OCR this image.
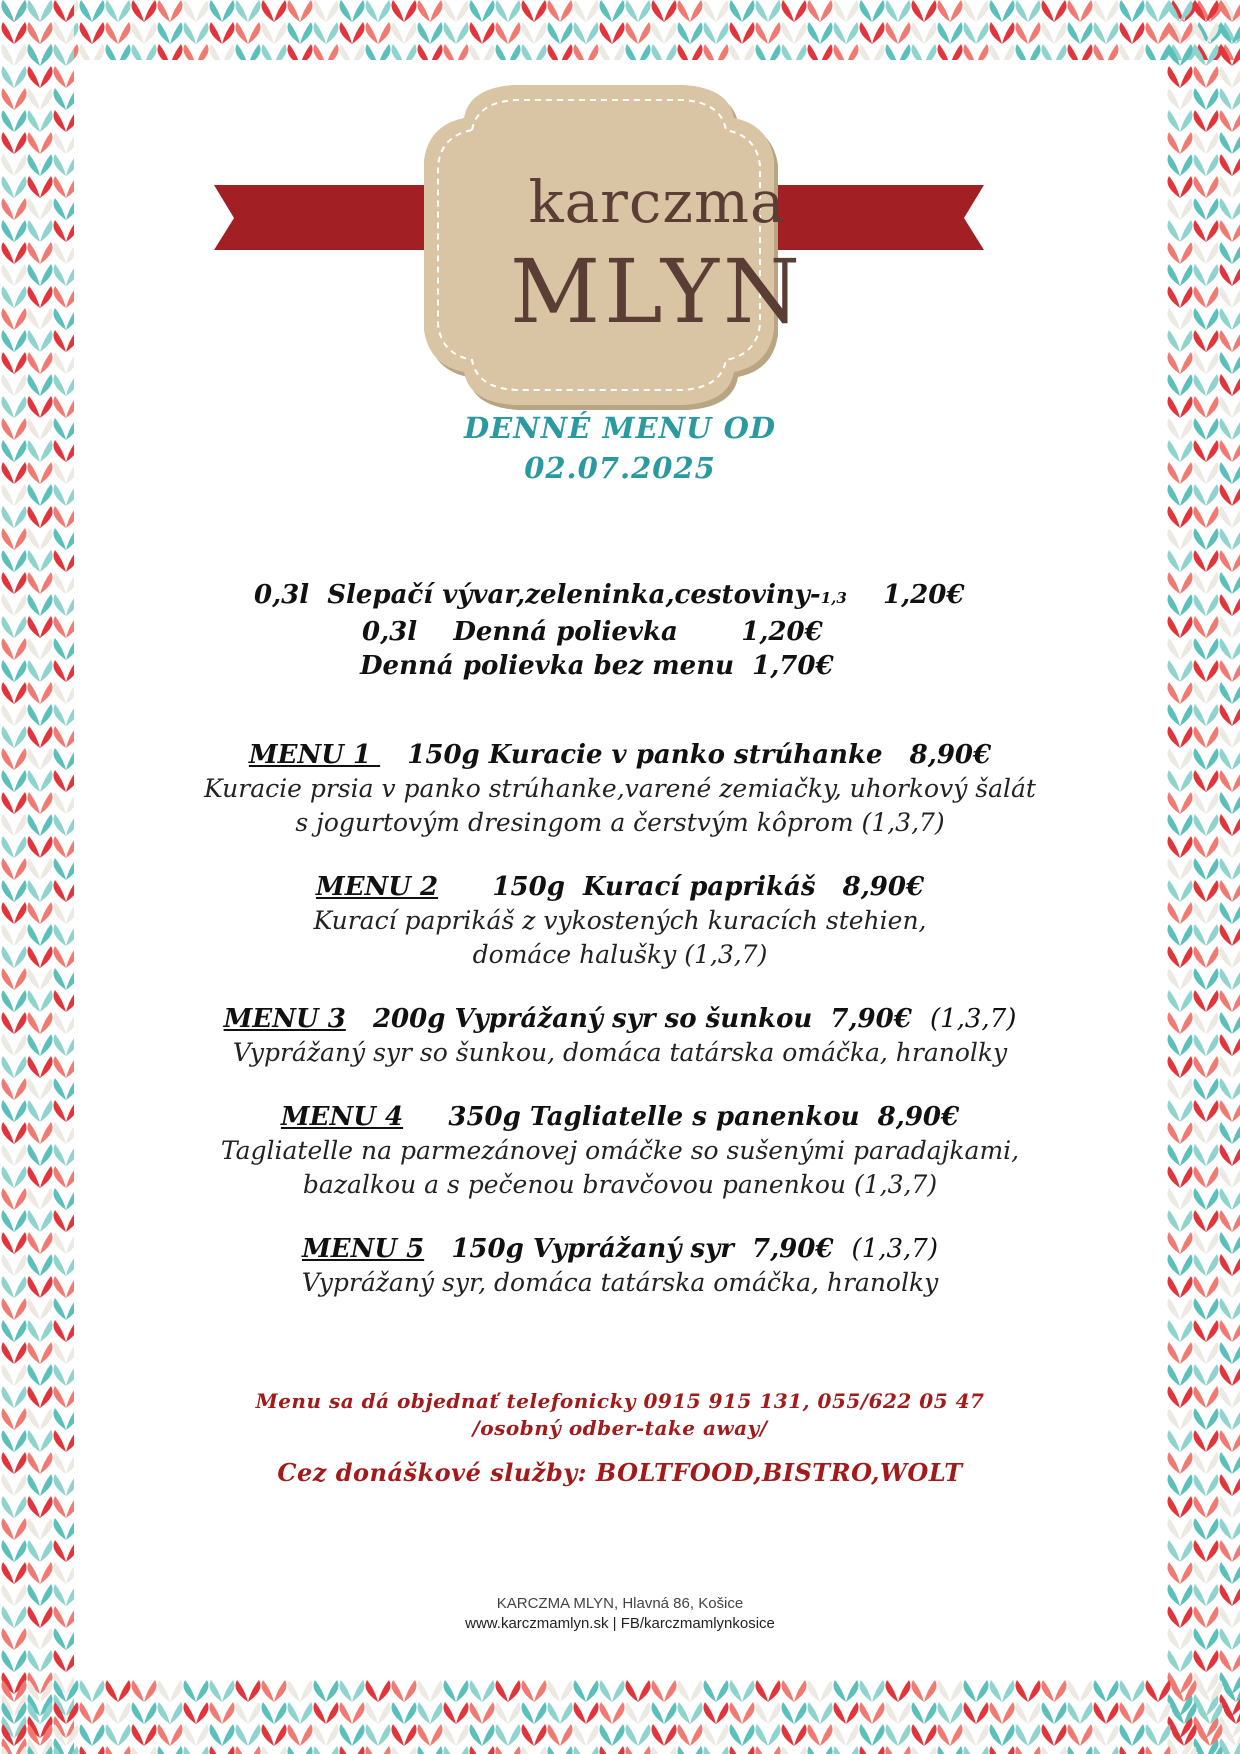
karczma
MLYN
DENNÉ MENU OD
02.07.2025
0,3l  Slepačí vývar,zeleninka,cestoviny-1,3    1,20€
0,3l    Denná polievka       1,20€
Denná polievka bez menu  1,70€
MENU 1    150g Kuracie v panko strúhanke   8,90€
Kuracie prsia v panko strúhanke,varené zemiačky, uhorkový šalát
s jogurtovým dresingom a čerstvým kôprom (1,3,7)
MENU 2      150g  Kurací paprikáš   8,90€
Kurací paprikáš z vykostených kuracích stehien,
domáce halušky (1,3,7)
MENU 3   200g Vyprážaný syr so šunkou  7,90€  (1,3,7)
Vyprážaný syr so šunkou, domáca tatárska omáčka, hranolky
MENU 4     350g Tagliatelle s panenkou  8,90€
Tagliatelle na parmezánovej omáčke so sušenými paradajkami,
bazalkou a s pečenou bravčovou panenkou (1,3,7)
MENU 5   150g Vyprážaný syr  7,90€  (1,3,7)
Vyprážaný syr, domáca tatárska omáčka, hranolky
Menu sa dá objednať telefonicky 0915 915 131, 055/622 05 47
/osobný odber-take away/
Cez donáškové služby: BOLTFOOD,BISTRO,WOLT
KARCZMA MLYN, Hlavná 86, Košice
www.karczmamlyn.sk | FB/karczmamlynkosice
